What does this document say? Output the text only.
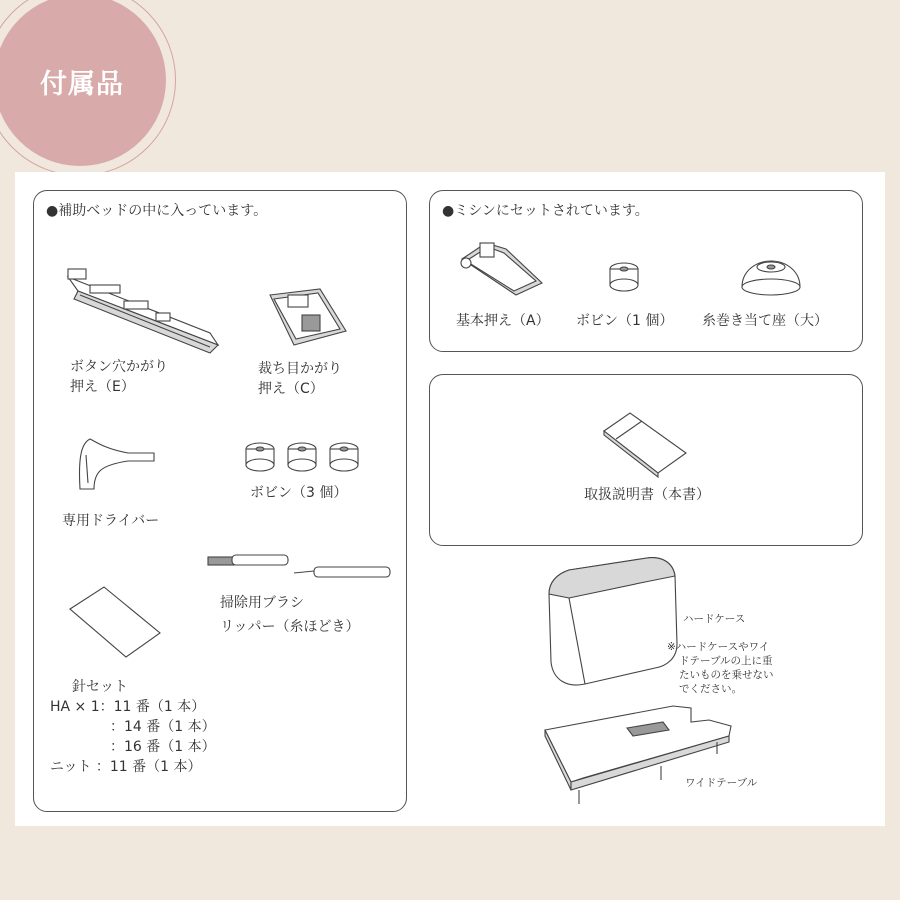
付属品
●補助ベッドの中に入っています。
ボタン穴かがり
押え（E）
裁ち目かがり
押え（C）
専用ドライバー
ボビン（3 個）
掃除用ブラシ
リッパー（糸ほどき）
針セット
HA × 1：11 番（1 本）
：14 番（1 本）
：16 番（1 本）
ニット ：11 番（1 本）
●ミシンにセットされています。
基本押え（A） ボビン（1 個） 糸巻き当て座（大）
取扱説明書（本書）
ハードケース
※ハードケースやワイ
ドテーブルの上に重
たいものを乗せない
でください。
ワイドテーブル
